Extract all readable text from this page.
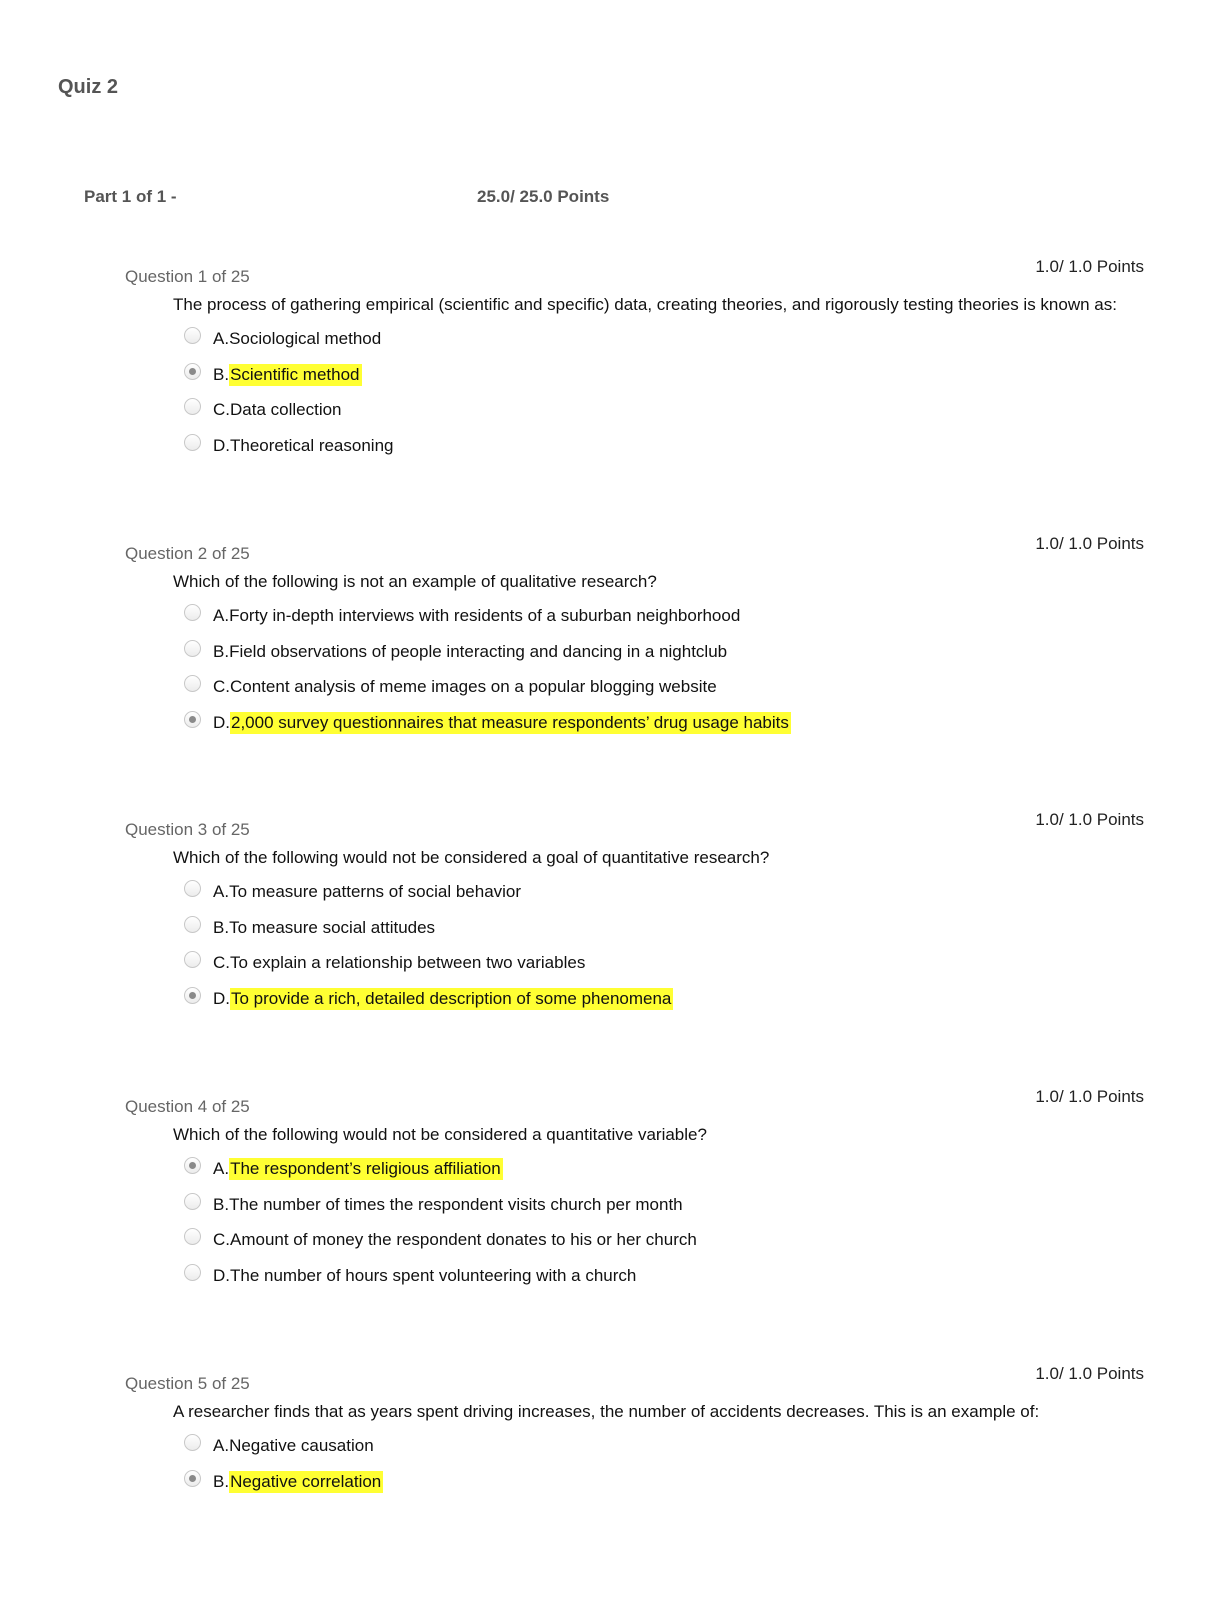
Quiz 2
Part 1 of 1 -	25.0/ 25.0 Points
Question 1 of 25
1.0/ 1.0 Points
The process of gathering empirical (scientific and specific) data, creating theories, and rigorously testing theories is known as:
A.Sociological method
B.Scientific method
C.Data collection
D.Theoretical reasoning
Question 2 of 25
1.0/ 1.0 Points
Which of the following is not an example of qualitative research?
A.Forty in-depth interviews with residents of a suburban neighborhood
B.Field observations of people interacting and dancing in a nightclub
C.Content analysis of meme images on a popular blogging website
D.2,000 survey questionnaires that measure respondents’ drug usage habits
Question 3 of 25
1.0/ 1.0 Points
Which of the following would not be considered a goal of quantitative research?
A.To measure patterns of social behavior
B.To measure social attitudes
C.To explain a relationship between two variables
D.To provide a rich, detailed description of some phenomena
Question 4 of 25
1.0/ 1.0 Points
Which of the following would not be considered a quantitative variable?
A.The respondent’s religious affiliation
B.The number of times the respondent visits church per month
C.Amount of money the respondent donates to his or her church
D.The number of hours spent volunteering with a church
Question 5 of 25
1.0/ 1.0 Points
A researcher finds that as years spent driving increases, the number of accidents decreases. This is an example of:
A.Negative causation
B.Negative correlation
